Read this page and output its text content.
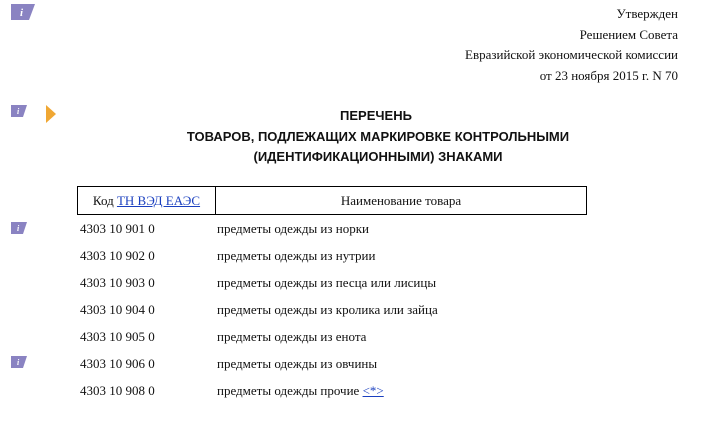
i
i
i
i
Утвержден
Решением Совета
Евразийской экономической комиссии
от 23 ноября 2015 г. N 70
ПЕРЕЧЕНЬ
ТОВАРОВ, ПОДЛЕЖАЩИХ МАРКИРОВКЕ КОНТРОЛЬНЫМИ
(ИДЕНТИФИКАЦИОННЫМИ) ЗНАКАМИ
Код ТН ВЭД ЕАЭС	Наименование товара
4303 10 901 0	предметы одежды из норки
4303 10 902 0	предметы одежды из нутрии
4303 10 903 0	предметы одежды из песца или лисицы
4303 10 904 0	предметы одежды из кролика или зайца
4303 10 905 0	предметы одежды из енота
4303 10 906 0	предметы одежды из овчины
4303 10 908 0	предметы одежды прочие <*>
